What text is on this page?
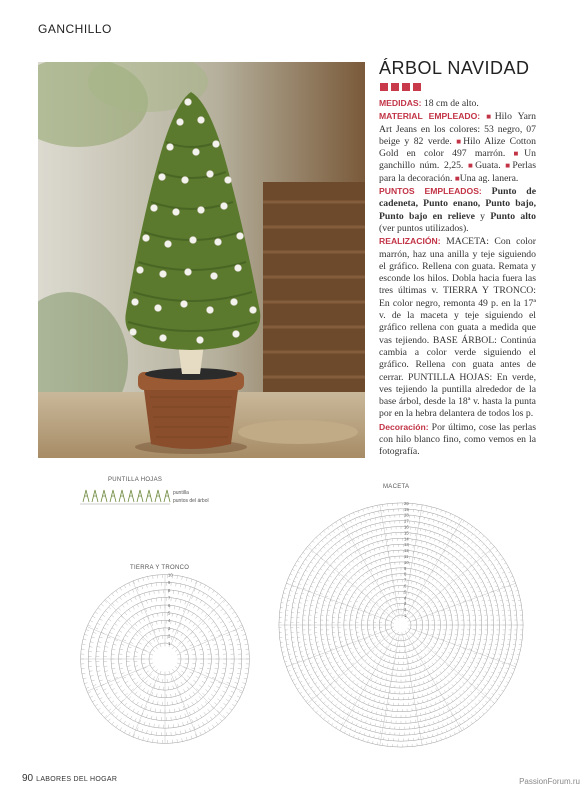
GANCHILLO
ÁRBOL NAVIDAD

MEDIDAS: 18 cm de alto.
MATERIAL EMPLEADO: ■Hilo Yarn Art Jeans en los colores: 53 negro, 07 beige y 82 verde. ■Hilo Alize Cotton Gold en color 497 marrón. ■Un ganchillo núm. 2,25. ■Guata. ■Perlas para la decoración. ■Una ag. lanera.
PUNTOS EMPLEADOS: Punto de cadeneta, Punto enano, Punto bajo, Punto bajo en relieve y Punto alto (ver puntos utilizados).
REALIZACIÓN: MACETA: Con color marrón, haz una anilla y teje siguiendo el gráfico. Rellena con guata. Remata y esconde los hilos. Dobla hacia fuera las tres últimas v. TIERRA Y TRONCO: En color negro, remonta 49 p. en la 17ª v. de la maceta y teje siguiendo el gráfico rellena con guata a medida que vas tejiendo. BASE ÁRBOL: Continúa cambia a color verde siguiendo el gráfico. Rellena con guata antes de cerrar. PUNTILLA HOJAS: En verde, ves tejiendo la puntilla alrededor de la base árbol, desde la 18ª v. hasta la punta por en la hebra delantera de todos los p.
Decoración: Por último, cose las perlas con hilo blanco fino, como vemos en la fotografía.

PUNTILLA HOJAS
puntilla
puntos del árbol
TIERRA Y TRONCO
10
9
8
7
6
5
4
3
2
1
MACETA
20
19
18
17
16
15
14
13
12
11
10
9
8
7
6
5
4
3
2
1
90 LABORES DEL HOGAR	PassionForum.ru
